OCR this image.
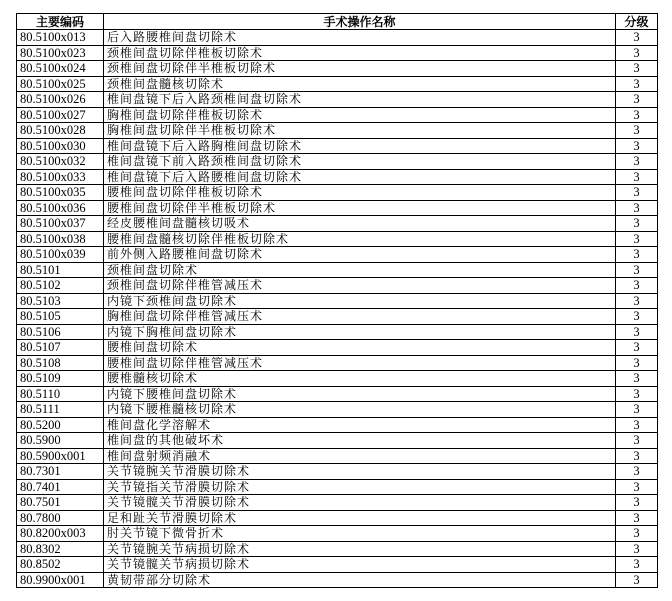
主要编码	手术操作名称	分级
80.5100x013	后入路腰椎间盘切除术	3
80.5100x023	颈椎间盘切除伴椎板切除术	3
80.5100x024	颈椎间盘切除伴半椎板切除术	3
80.5100x025	颈椎间盘髓核切除术	3
80.5100x026	椎间盘镜下后入路颈椎间盘切除术	3
80.5100x027	胸椎间盘切除伴椎板切除术	3
80.5100x028	胸椎间盘切除伴半椎板切除术	3
80.5100x030	椎间盘镜下后入路胸椎间盘切除术	3
80.5100x032	椎间盘镜下前入路颈椎间盘切除术	3
80.5100x033	椎间盘镜下后入路腰椎间盘切除术	3
80.5100x035	腰椎间盘切除伴椎板切除术	3
80.5100x036	腰椎间盘切除伴半椎板切除术	3
80.5100x037	经皮腰椎间盘髓核切吸术	3
80.5100x038	腰椎间盘髓核切除伴椎板切除术	3
80.5100x039	前外侧入路腰椎间盘切除术	3
80.5101	颈椎间盘切除术	3
80.5102	颈椎间盘切除伴椎管减压术	3
80.5103	内镜下颈椎间盘切除术	3
80.5105	胸椎间盘切除伴椎管减压术	3
80.5106	内镜下胸椎间盘切除术	3
80.5107	腰椎间盘切除术	3
80.5108	腰椎间盘切除伴椎管减压术	3
80.5109	腰椎髓核切除术	3
80.5110	内镜下腰椎间盘切除术	3
80.5111	内镜下腰椎髓核切除术	3
80.5200	椎间盘化学溶解术	3
80.5900	椎间盘的其他破坏术	3
80.5900x001	椎间盘射频消融术	3
80.7301	关节镜腕关节滑膜切除术	3
80.7401	关节镜指关节滑膜切除术	3
80.7501	关节镜髋关节滑膜切除术	3
80.7800	足和趾关节滑膜切除术	3
80.8200x003	肘关节镜下微骨折术	3
80.8302	关节镜腕关节病损切除术	3
80.8502	关节镜髋关节病损切除术	3
80.9900x001	黄韧带部分切除术	3
